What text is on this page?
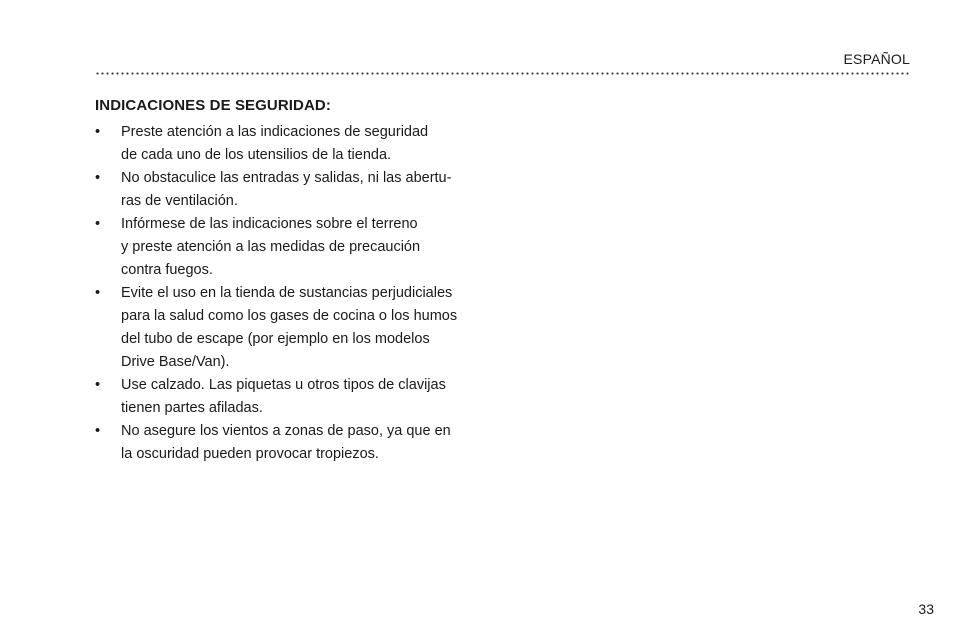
ESPAÑOL
INDICACIONES DE SEGURIDAD:
•	Preste atención a las indicaciones de seguridad
de cada uno de los utensilios de la tienda.
•	No obstaculice las entradas y salidas, ni las abertu-
ras de ventilación.
•	Infórmese de las indicaciones sobre el terreno
y preste atención a las medidas de precaución
contra fuegos.
•	Evite el uso en la tienda de sustancias perjudiciales
para la salud como los gases de cocina o los humos
del tubo de escape (por ejemplo en los modelos
Drive Base/Van).
•	Use calzado. Las piquetas u otros tipos de clavijas
tienen partes afiladas.
•	No asegure los vientos a zonas de paso, ya que en
la oscuridad pueden provocar tropiezos.
33
